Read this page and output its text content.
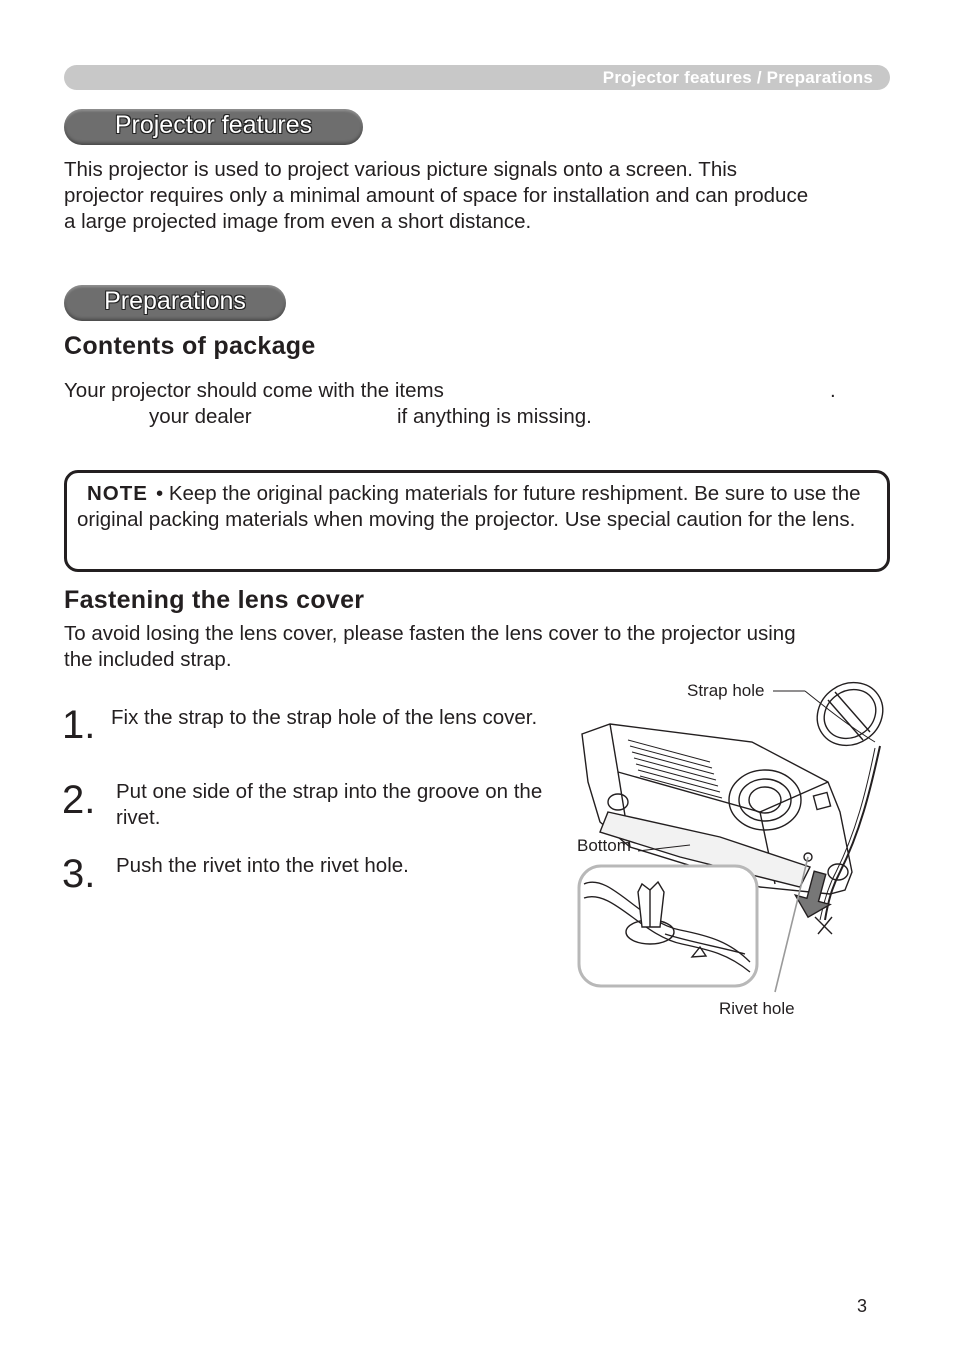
Projector features / Preparations
Projector features
This projector is used to project various picture signals onto a screen. This
projector requires only a minimal amount of space for installation and can produce
a large projected image from even a short distance.
Preparations
Contents of package
Your projector should come with the items	.
your dealer	if anything is missing.
NOTE • Keep the original packing materials for future reshipment. Be sure to use the original packing materials when moving the projector. Use special caution for the lens.
Fastening the lens cover
To avoid losing the lens cover, please fasten the lens cover to the projector using
the included strap.
1. Fix the strap to the strap hole of the lens cover.
2. Put one side of the strap into the groove on the rivet.
3. Push the rivet into the rivet hole.
Strap hole
Bottom
Rivet hole
3
